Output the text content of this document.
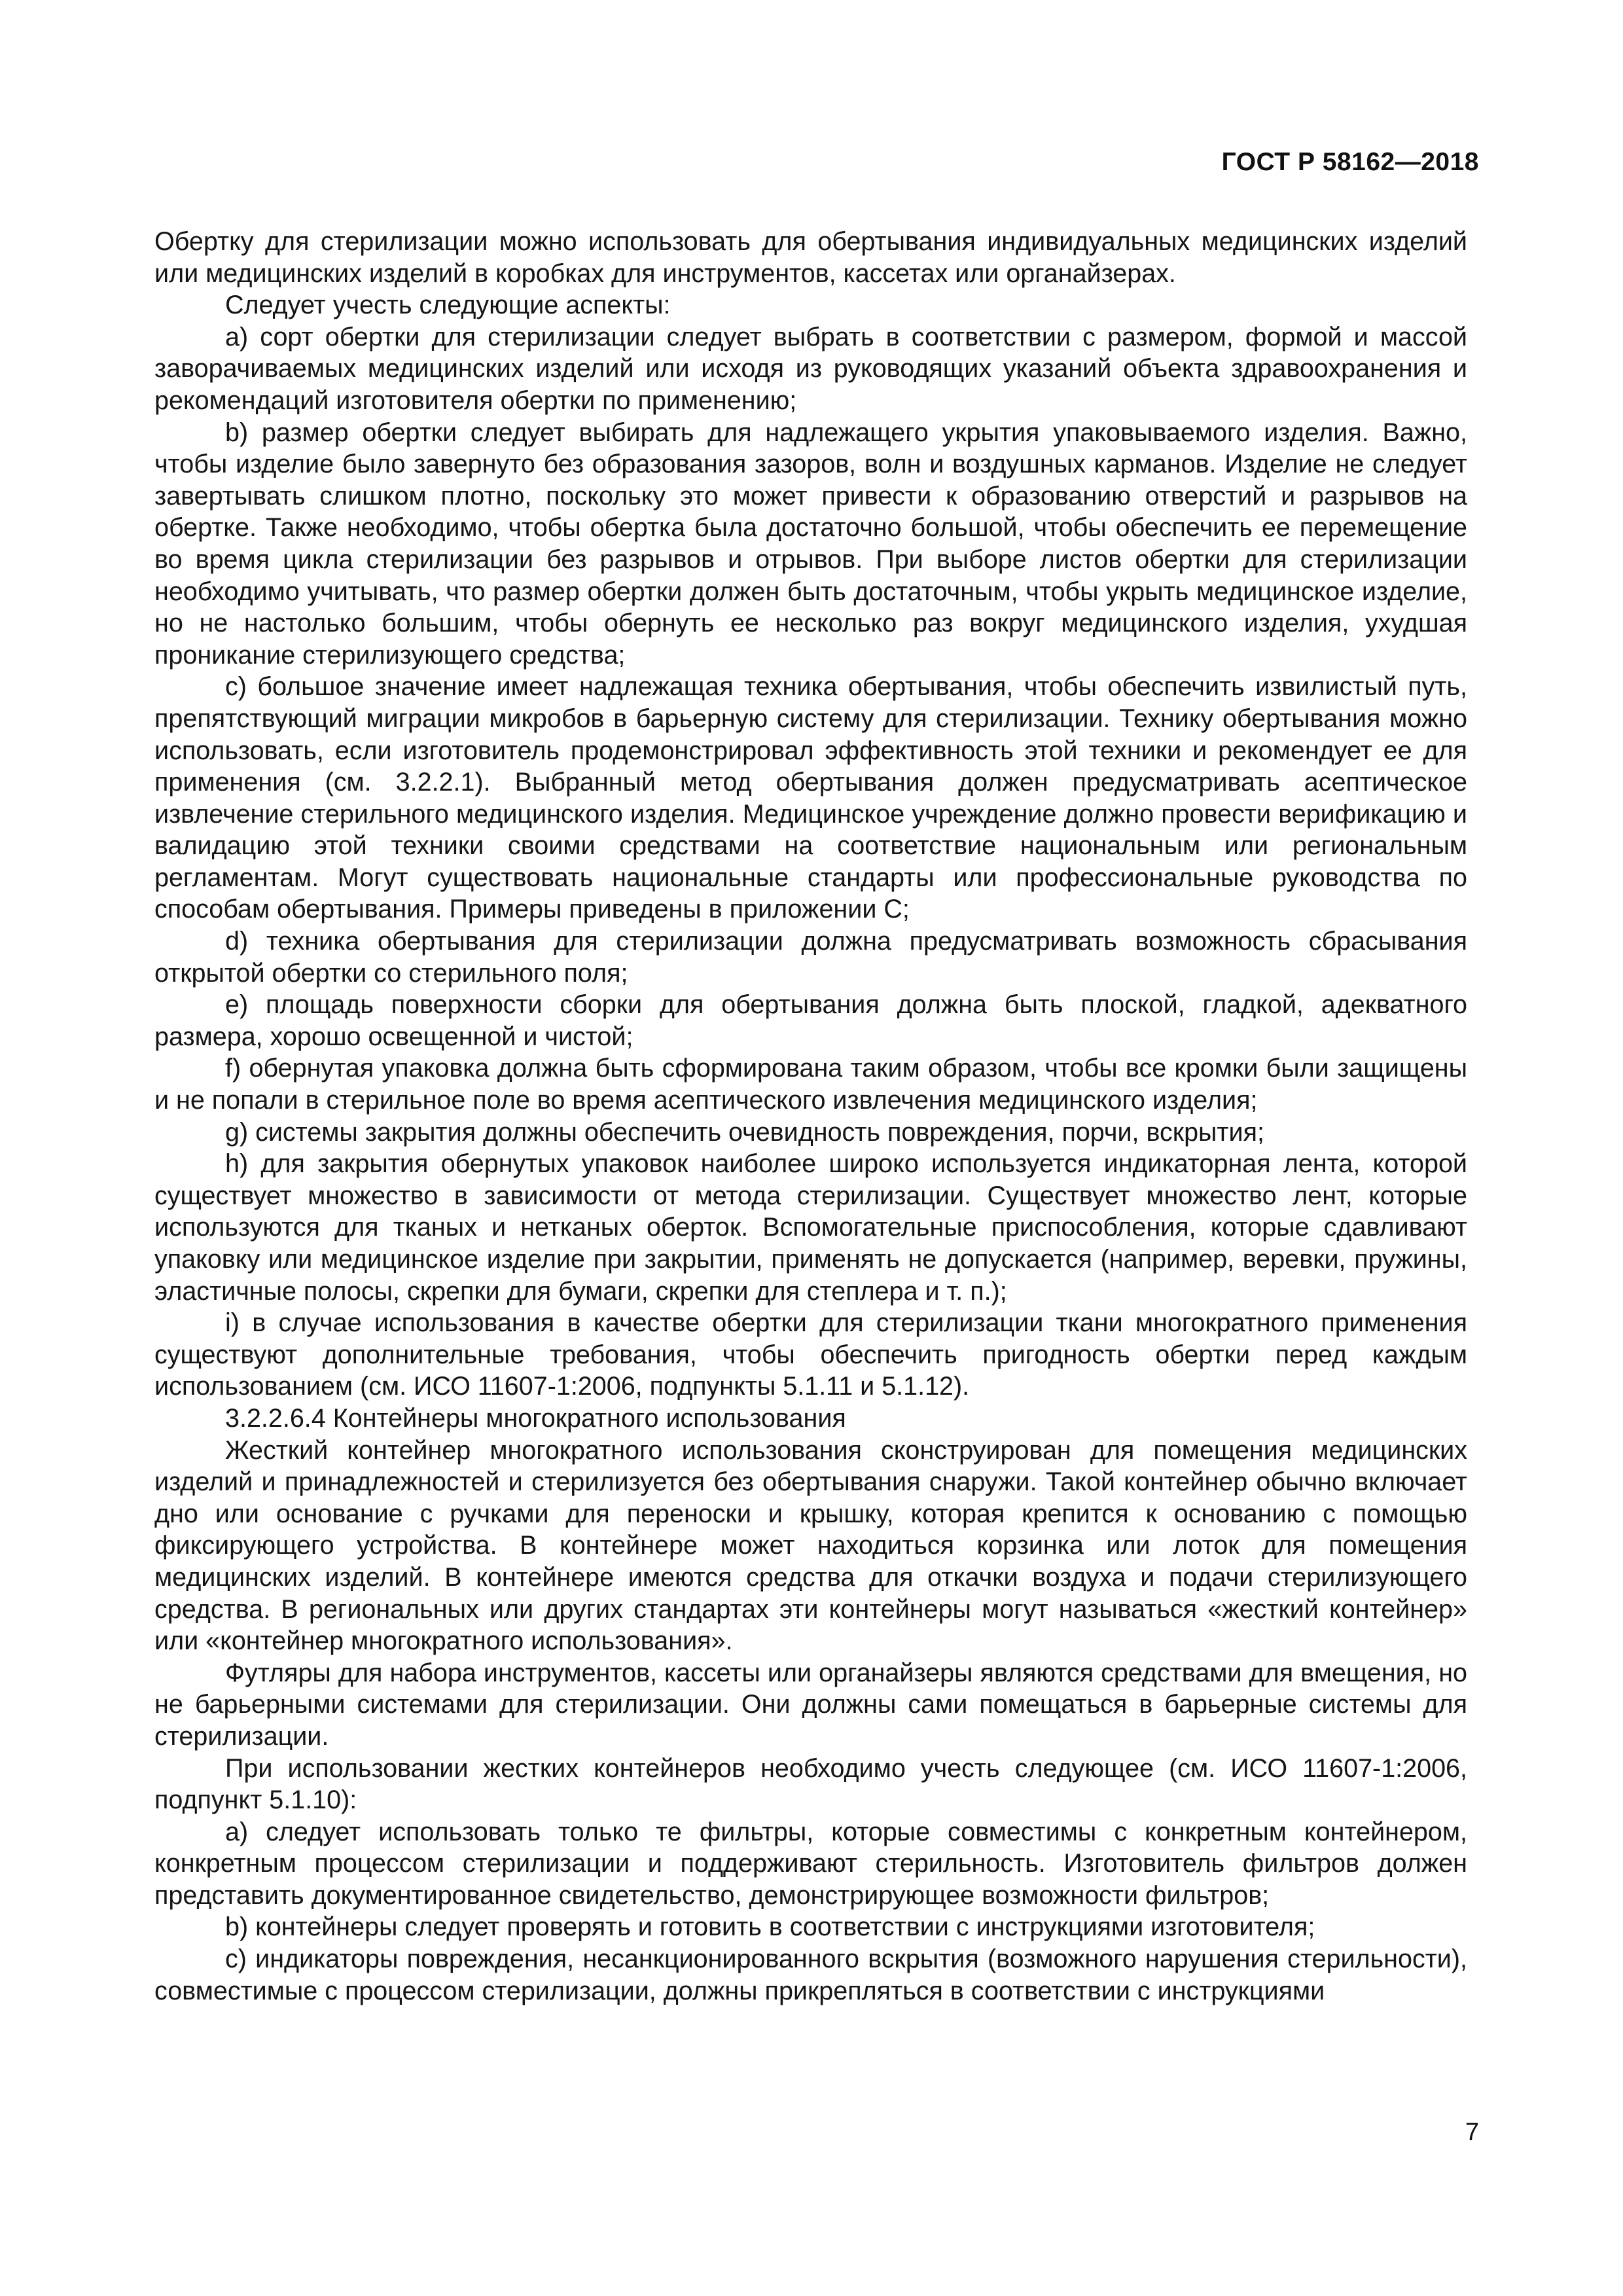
ГОСТ Р 58162—2018

Обертку для стерилизации можно использовать для обертывания индивидуальных медицинских изделий или медицинских изделий в коробках для инструментов, кассетах или органайзерах.

Следует учесть следующие аспекты:

а) сорт обертки для стерилизации следует выбрать в соответствии с размером, формой и массой заворачиваемых медицинских изделий или исходя из руководящих указаний объекта здравоохранения и рекомендаций изготовителя обертки по применению;

b) размер обертки следует выбирать для надлежащего укрытия упаковываемого изделия. Важно, чтобы изделие было завернуто без образования зазоров, волн и воздушных карманов. Изделие не следует завертывать слишком плотно, поскольку это может привести к образованию отверстий и разрывов на обертке. Также необходимо, чтобы обертка была достаточно большой, чтобы обеспечить ее перемещение во время цикла стерилизации без разрывов и отрывов. При выборе листов обертки для стерилизации необходимо учитывать, что размер обертки должен быть достаточным, чтобы укрыть медицинское изделие, но не настолько большим, чтобы обернуть ее несколько раз вокруг медицинского изделия, ухудшая проникание стерилизующего средства;

с) большое значение имеет надлежащая техника обертывания, чтобы обеспечить извилистый путь, препятствующий миграции микробов в барьерную систему для стерилизации. Технику обертывания можно использовать, если изготовитель продемонстрировал эффективность этой техники и рекомендует ее для применения (см. 3.2.2.1). Выбранный метод обертывания должен предусматривать асептическое извлечение стерильного медицинского изделия. Медицинское учреждение должно провести верификацию и валидацию этой техники своими средствами на соответствие национальным или региональным регламентам. Могут существовать национальные стандарты или профессиональные руководства по способам обертывания. Примеры приведены в приложении С;

d) техника обертывания для стерилизации должна предусматривать возможность сбрасывания открытой обертки со стерильного поля;

е) площадь поверхности сборки для обертывания должна быть плоской, гладкой, адекватного размера, хорошо освещенной и чистой;

f) обернутая упаковка должна быть сформирована таким образом, чтобы все кромки были защищены и не попали в стерильное поле во время асептического извлечения медицинского изделия;

g) системы закрытия должны обеспечить очевидность повреждения, порчи, вскрытия;

h) для закрытия обернутых упаковок наиболее широко используется индикаторная лента, которой существует множество в зависимости от метода стерилизации. Существует множество лент, которые используются для тканых и нетканых оберток. Вспомогательные приспособления, которые сдавливают упаковку или медицинское изделие при закрытии, применять не допускается (например, веревки, пружины, эластичные полосы, скрепки для бумаги, скрепки для степлера и т. п.);

i) в случае использования в качестве обертки для стерилизации ткани многократного применения существуют дополнительные требования, чтобы обеспечить пригодность обертки перед каждым использованием (см. ИСО 11607-1:2006, подпункты 5.1.11 и 5.1.12).

3.2.2.6.4 Контейнеры многократного использования

Жесткий контейнер многократного использования сконструирован для помещения медицинских изделий и принадлежностей и стерилизуется без обертывания снаружи. Такой контейнер обычно включает дно или основание с ручками для переноски и крышку, которая крепится к основанию с помощью фиксирующего устройства. В контейнере может находиться корзинка или лоток для помещения медицинских изделий. В контейнере имеются средства для откачки воздуха и подачи стерилизующего средства. В региональных или других стандартах эти контейнеры могут называться «жесткий контейнер» или «контейнер многократного использования».

Футляры для набора инструментов, кассеты или органайзеры являются средствами для вмещения, но не барьерными системами для стерилизации. Они должны сами помещаться в барьерные системы для стерилизации.

При использовании жестких контейнеров необходимо учесть следующее (см. ИСО 11607-1:2006, подпункт 5.1.10):

а) следует использовать только те фильтры, которые совместимы с конкретным контейнером, конкретным процессом стерилизации и поддерживают стерильность. Изготовитель фильтров должен представить документированное свидетельство, демонстрирующее возможности фильтров;

b) контейнеры следует проверять и готовить в соответствии с инструкциями изготовителя;

с) индикаторы повреждения, несанкционированного вскрытия (возможного нарушения стерильности), совместимые с процессом стерилизации, должны прикрепляться в соответствии с инструкциями

7
